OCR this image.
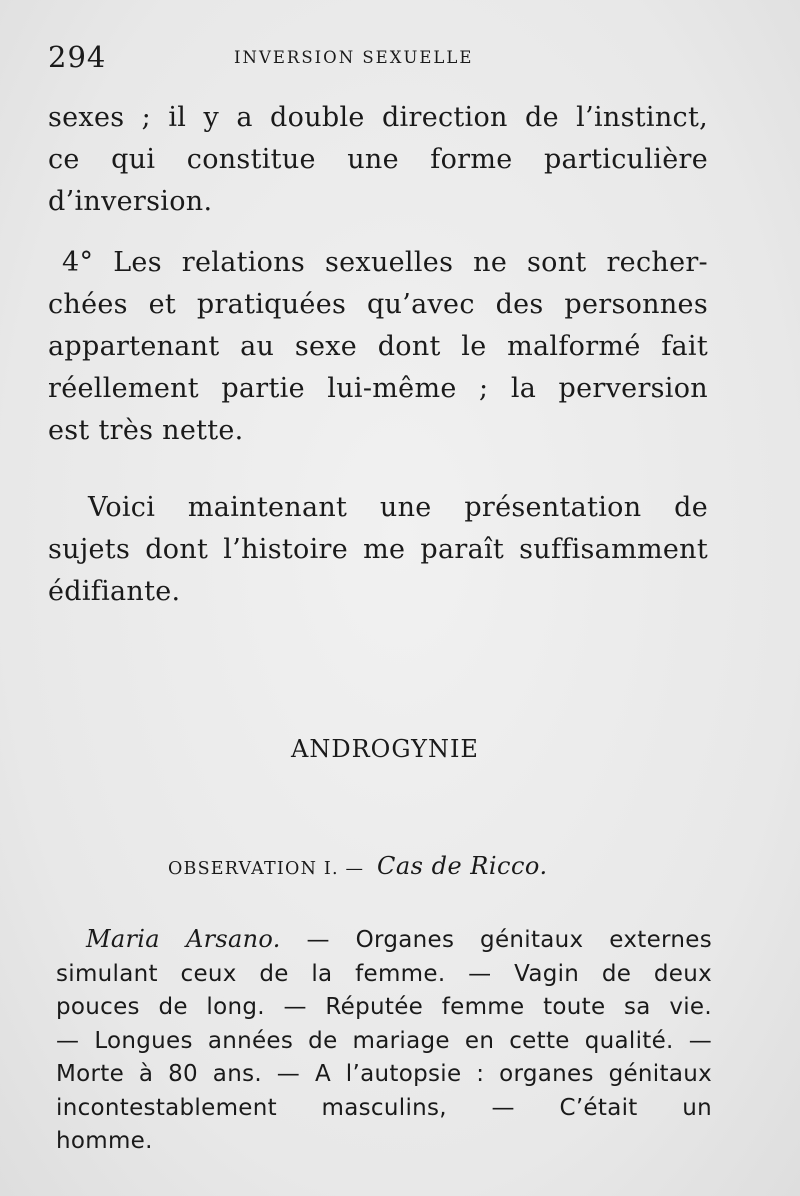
294	INVERSION SEXUELLE
sexes ; il y a double direction de l’instinct,
ce qui constitue une forme particulière
d’inversion.
4° Les relations sexuelles ne sont recher-
chées et pratiquées qu’avec des personnes
appartenant au sexe dont le malformé fait
réellement partie lui-même ; la perversion
est très nette.
Voici maintenant une présentation de
sujets dont l’histoire me paraît suffisamment
édifiante.
ANDROGYNIE
OBSERVATION I. — Cas de Ricco.
Maria Arsano. — Organes génitaux externes
simulant ceux de la femme. — Vagin de deux
pouces de long. — Réputée femme toute sa vie.
— Longues années de mariage en cette qualité. —
Morte à 80 ans. — A l’autopsie : organes génitaux
incontestablement masculins, — C’était un
homme.
